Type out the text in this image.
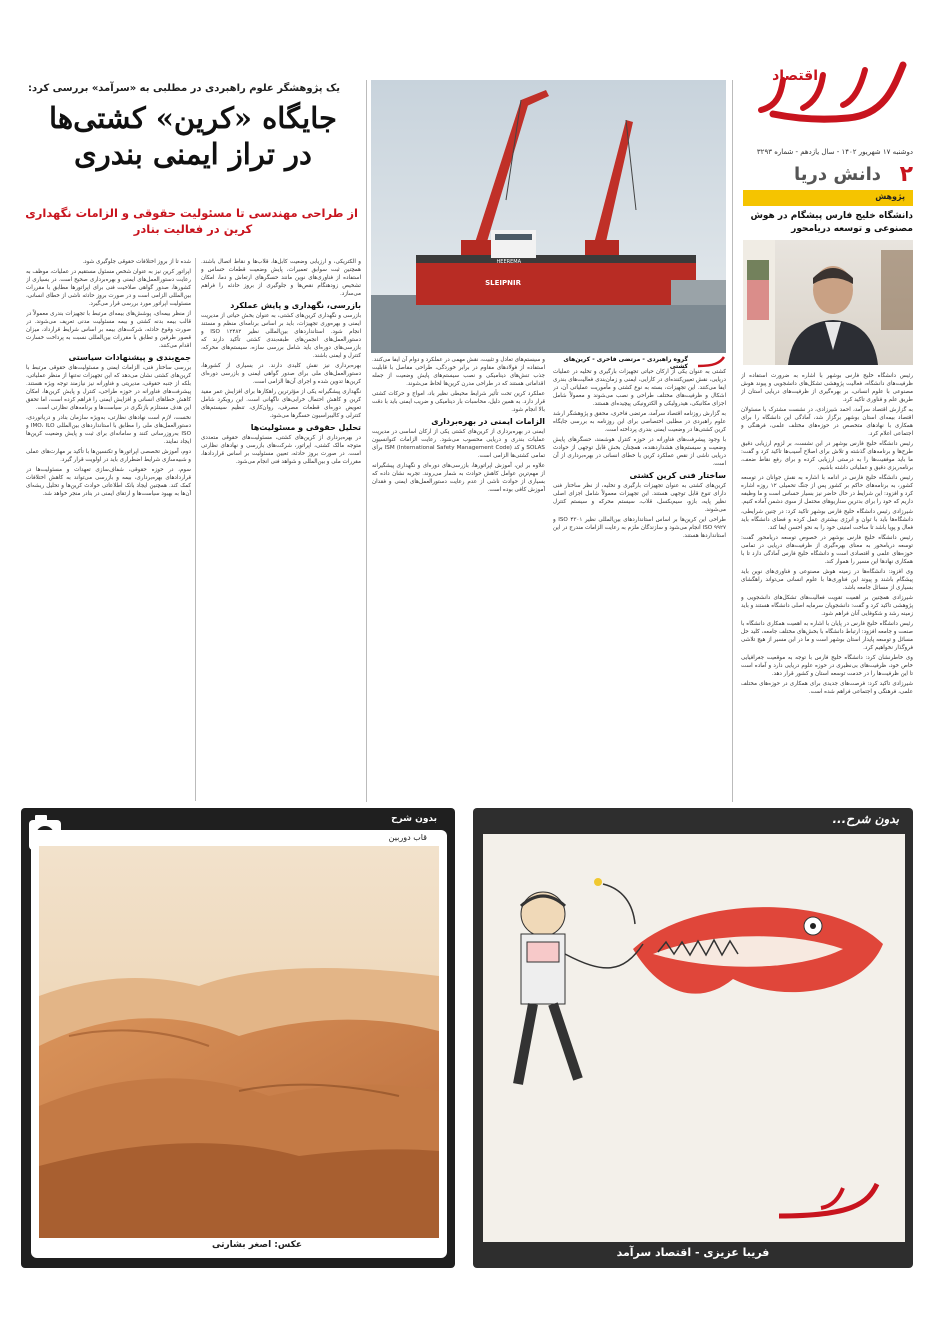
اقتصاد
دوشنبه ۱۷ شهریور ۱۴۰۲ - سال یازدهم - شماره ۳۲۹۳
۲
دانش دریا
پژوهش
دانشگاه خلیج فارس پیشگام در هوش مصنوعی و توسعه دریامحور

رئیس دانشگاه خلیج فارس بوشهر با اشاره به ضرورت استفاده از ظرفیت‌های دانشگاه، فعالیت پژوهشی تشکل‌های دانشجویی و پیوند هوش مصنوعی با علوم انسانی، بر بهره‌گیری از ظرفیت‌های دریایی استان از طریق علم و فناوری تاکید کرد.

به گزارش اقتصاد سرآمد، احمد شیرزادی، در نشست مشترک با مسئولان اقتصاد بیمه‌ای استان بوشهر برگزار شد، آمادگی این دانشگاه را برای همکاری با نهادهای متخصص در حوزه‌های مختلف علمی، فرهنگی و اجتماعی اعلام کرد.

رئیس دانشگاه خلیج فارس بوشهر در این نشست، بر لزوم ارزیابی دقیق طرح‌ها و برنامه‌های گذشته و تلاش برای اصلاح آسیب‌ها تاکید کرد و گفت: ما باید موفقیت‌ها را به درستی ارزیابی کرده و برای رفع نقاط ضعف، برنامه‌ریزی دقیق و عملیاتی داشته باشیم.

رئیس دانشگاه خلیج فارس در ادامه با اشاره به نقش جوانان در توسعه کشور، به برنامه‌های حاکم بر کشور پس از جنگ تحمیلی ۱۲ روزه اشاره کرد و افزود: این شرایط در حال حاضر نیز بسیار حساس است و ما وظیفه داریم که خود را برای بدترین سناریوهای محتمل از سوی دشمن آماده کنیم.

شیرزادی رئیس دانشگاه خلیج فارس بوشهر تاکید کرد: در چنین شرایطی، دانشگاه‌ها باید با توان و انرژی بیشتری عمل کرده و فضای دانشگاه باید فعال و پویا باشد تا ساخت امنیتی خود را به نحو احسن ایفا کند.

رئیس دانشگاه خلیج فارس بوشهر در خصوص توسعه دریامحور گفت: توسعه دریامحور به معنای بهره‌گیری از ظرفیت‌های دریایی در تمامی حوزه‌های علمی و اقتصادی است و دانشگاه خلیج فارس آمادگی دارد تا با همکاری نهادها این مسیر را هموار کند.

وی افزود: دانشگاه‌ها در زمینه هوش مصنوعی و فناوری‌های نوین باید پیشگام باشند و پیوند این فناوری‌ها با علوم انسانی می‌تواند راهگشای بسیاری از مسائل جامعه باشد.

شیرزادی همچنین بر اهمیت تقویت فعالیت‌های تشکل‌های دانشجویی و پژوهشی تاکید کرد و گفت: دانشجویان سرمایه اصلی دانشگاه هستند و باید زمینه رشد و شکوفایی آنان فراهم شود.

رئیس دانشگاه خلیج فارس در پایان با اشاره به اهمیت همکاری دانشگاه با صنعت و جامعه افزود: ارتباط دانشگاه با بخش‌های مختلف جامعه، کلید حل مسائل و توسعه پایدار استان بوشهر است و ما در این مسیر از هیچ تلاشی فروگذار نخواهیم کرد.

وی خاطرنشان کرد: دانشگاه خلیج فارس با توجه به موقعیت جغرافیایی خاص خود، ظرفیت‌های بی‌نظیری در حوزه علوم دریایی دارد و آماده است تا این ظرفیت‌ها را در خدمت توسعه استان و کشور قرار دهد.

شیرزادی تاکید کرد: فرصت‌های جدیدی برای همکاری در حوزه‌های مختلف علمی، فرهنگی و اجتماعی فراهم شده است.

یک پژوهشگر علوم راهبردی در مطلبی به «سرآمد» بررسی کرد:
جایگاه «کرین» کشتی‌ها
در تراز ایمنی بندری
از طراحی مهندسی تا مسئولیت حقوقی و الزامات نگهداری
کرین در فعالیت بنادر
SLEIPNIR
HEEREMA
گروه راهبردی - مرتضی فاخری - کرین‌های کشتی

کشتی به عنوان یکی از ارکان حیاتی تجهیزات بارگیری و تخلیه در عملیات دریایی، نقش تعیین‌کننده‌ای در کارایی، ایمنی و زمان‌بندی فعالیت‌های بندری ایفا می‌کنند. این تجهیزات، بسته به نوع کشتی و مأموریت عملیاتی آن، در اشکال و ظرفیت‌های مختلف طراحی و نصب می‌شوند و معمولاً شامل اجزای مکانیکی، هیدرولیکی و الکترونیکی پیچیده‌ای هستند.

به گزارش روزنامه اقتصاد سرآمد، مرتضی فاخری، محقق و پژوهشگر ارشد علوم راهبردی در مطلبی اختصاصی برای این روزنامه به بررسی جایگاه کرین کشتی‌ها در وضعیت ایمنی بندری پرداخته است.

با وجود پیشرفت‌های فناورانه در حوزه کنترل هوشمند، حسگرهای پایش وضعیت و سیستم‌های هشداردهنده، همچنان بخش قابل توجهی از حوادث دریایی ناشی از نقص عملکرد کرین یا خطای انسانی در بهره‌برداری از آن است.

ساختار فنی کرین کشتی

کرین‌های کشتی به عنوان تجهیزات بارگیری و تخلیه، از نظر ساختار فنی دارای تنوع قابل توجهی هستند. این تجهیزات معمولاً شامل اجزای اصلی نظیر پایه، بازو، سیم‌بکسل، قلاب، سیستم محرکه و سیستم کنترل می‌شوند.

طراحی این کرین‌ها بر اساس استانداردهای بین‌المللی نظیر ISO ۴۳۰۱ و ISO ۹۹۲۷ انجام می‌شود و سازندگان ملزم به رعایت الزامات مندرج در این استانداردها هستند.

و سیستم‌های تعادل و تثبیت، نقش مهمی در عملکرد و دوام آن ایفا می‌کنند. استفاده از فولادهای مقاوم در برابر خوردگی، طراحی مفاصل با قابلیت جذب تنش‌های دینامیکی و نصب سیستم‌های پایش وضعیت از جمله اقداماتی هستند که در طراحی مدرن کرین‌ها لحاظ می‌شوند.

عملکرد کرین تحت تأثیر شرایط محیطی نظیر باد، امواج و حرکات کشتی قرار دارد. به همین دلیل، محاسبات بار دینامیکی و ضریب ایمنی باید با دقت بالا انجام شود.

الزامات ایمنی در بهره‌برداری

ایمنی در بهره‌برداری از کرین‌های کشتی یکی از ارکان اساسی در مدیریت عملیات بندری و دریایی محسوب می‌شود. رعایت الزامات کنوانسیون SOLAS و کد ISM (International Safety Management Code) برای تمامی کشتی‌ها الزامی است.

علاوه بر این، آموزش اپراتورها، بازرسی‌های دوره‌ای و نگهداری پیشگیرانه از مهم‌ترین عوامل کاهش حوادث به شمار می‌روند. تجربه نشان داده که بسیاری از حوادث ناشی از عدم رعایت دستورالعمل‌های ایمنی و فقدان آموزش کافی بوده است.

و الکتریکی، و ارزیابی وضعیت کابل‌ها، قلاب‌ها و نقاط اتصال باشند. همچنین ثبت سوابق تعمیرات، پایش وضعیت قطعات حساس و استفاده از فناوری‌های نوین مانند حسگرهای ارتعاش و دما، امکان تشخیص زودهنگام نقص‌ها و جلوگیری از بروز حادثه را فراهم می‌سازد.

بازرسی، نگهداری و پایش عملکرد

بازرسی و نگهداری کرین‌های کشتی، به عنوان بخش حیاتی از مدیریت ایمنی و بهره‌وری تجهیزات، باید بر اساس برنامه‌ای منظم و مستند انجام شود. استانداردهای بین‌المللی نظیر ISO ۱۲۴۸۲ و دستورالعمل‌های انجمن‌های طبقه‌بندی کشتی تأکید دارند که بازرسی‌های دوره‌ای باید شامل بررسی سازه، سیستم‌های محرکه، کنترل و ایمنی باشند.

بهره‌برداری نیز نقش کلیدی دارند. در بسیاری از کشورها، دستورالعمل‌های ملی برای صدور گواهی ایمنی و بازرسی دوره‌ای کرین‌ها تدوین شده و اجرای آن‌ها الزامی است.

نگهداری پیشگیرانه یکی از مؤثرترین راهکارها برای افزایش عمر مفید کرین و کاهش احتمال خرابی‌های ناگهانی است. این رویکرد شامل تعویض دوره‌ای قطعات مصرفی، روان‌کاری، تنظیم سیستم‌های کنترلی و کالیبراسیون حسگرها می‌شود.

تحلیل حقوقی و مسئولیت‌ها

در بهره‌برداری از کرین‌های کشتی، مسئولیت‌های حقوقی متعددی متوجه مالک کشتی، اپراتور، شرکت‌های بازرسی و نهادهای نظارتی است. در صورت بروز حادثه، تعیین مسئولیت بر اساس قراردادها، مقررات ملی و بین‌المللی و شواهد فنی انجام می‌شود.

شده تا از بروز اختلافات حقوقی جلوگیری شود.

اپراتور کرین نیز به عنوان شخص مسئول مستقیم در عملیات، موظف به رعایت دستورالعمل‌های ایمنی و بهره‌برداری صحیح است. در بسیاری از کشورها، صدور گواهی صلاحیت فنی برای اپراتورها مطابق با مقررات بین‌المللی الزامی است و در صورت بروز حادثه ناشی از خطای انسانی، مسئولیت اپراتور مورد بررسی قرار می‌گیرد.

از منظر بیمه‌ای، پوشش‌های بیمه‌ای مرتبط با تجهیزات بندری معمولاً در قالب بیمه بدنه کشتی و بیمه مسئولیت مدنی تعریف می‌شوند. در صورت وقوع حادثه، شرکت‌های بیمه بر اساس شرایط قرارداد، میزان قصور طرفین و تطابق با مقررات بین‌المللی نسبت به پرداخت خسارت اقدام می‌کنند.

جمع‌بندی و پیشنهادات سیاستی

بررسی ساختار فنی، الزامات ایمنی و مسئولیت‌های حقوقی مرتبط با کرین‌های کشتی نشان می‌دهد که این تجهیزات نه‌تنها از منظر عملیاتی، بلکه از جنبه حقوقی، مدیریتی و فناورانه نیز نیازمند توجه ویژه هستند. پیشرفت‌های فناورانه در حوزه طراحی، کنترل و پایش کرین‌ها، امکان کاهش خطاهای انسانی و افزایش ایمنی را فراهم کرده است، اما تحقق این هدف مستلزم بازنگری در سیاست‌ها و برنامه‌های نظارتی است.

نخست، لازم است نهادهای نظارتی، به‌ویژه سازمان بنادر و دریانوردی، دستورالعمل‌های ملی را مطابق با استانداردهای بین‌المللی IMO، ILO و ISO به‌روزرسانی کنند و سامانه‌ای برای ثبت و پایش وضعیت کرین‌ها ایجاد نمایند.

دوم، آموزش تخصصی اپراتورها و تکنسین‌ها با تأکید بر مهارت‌های عملی و شبیه‌سازی شرایط اضطراری باید در اولویت قرار گیرد.

سوم، در حوزه حقوقی، شفاف‌سازی تعهدات و مسئولیت‌ها در قراردادهای بهره‌برداری، بیمه و بازرسی می‌تواند به کاهش اختلافات کمک کند. همچنین ایجاد بانک اطلاعاتی حوادث کرین‌ها و تحلیل ریشه‌ای آن‌ها به بهبود سیاست‌ها و ارتقای ایمنی در بنادر منجر خواهد شد.

بدون شرح...
فریبا عزیزی - اقتصاد سرآمد
بدون شرح
قاب دوربین
عکس: اصغر بشارتی
